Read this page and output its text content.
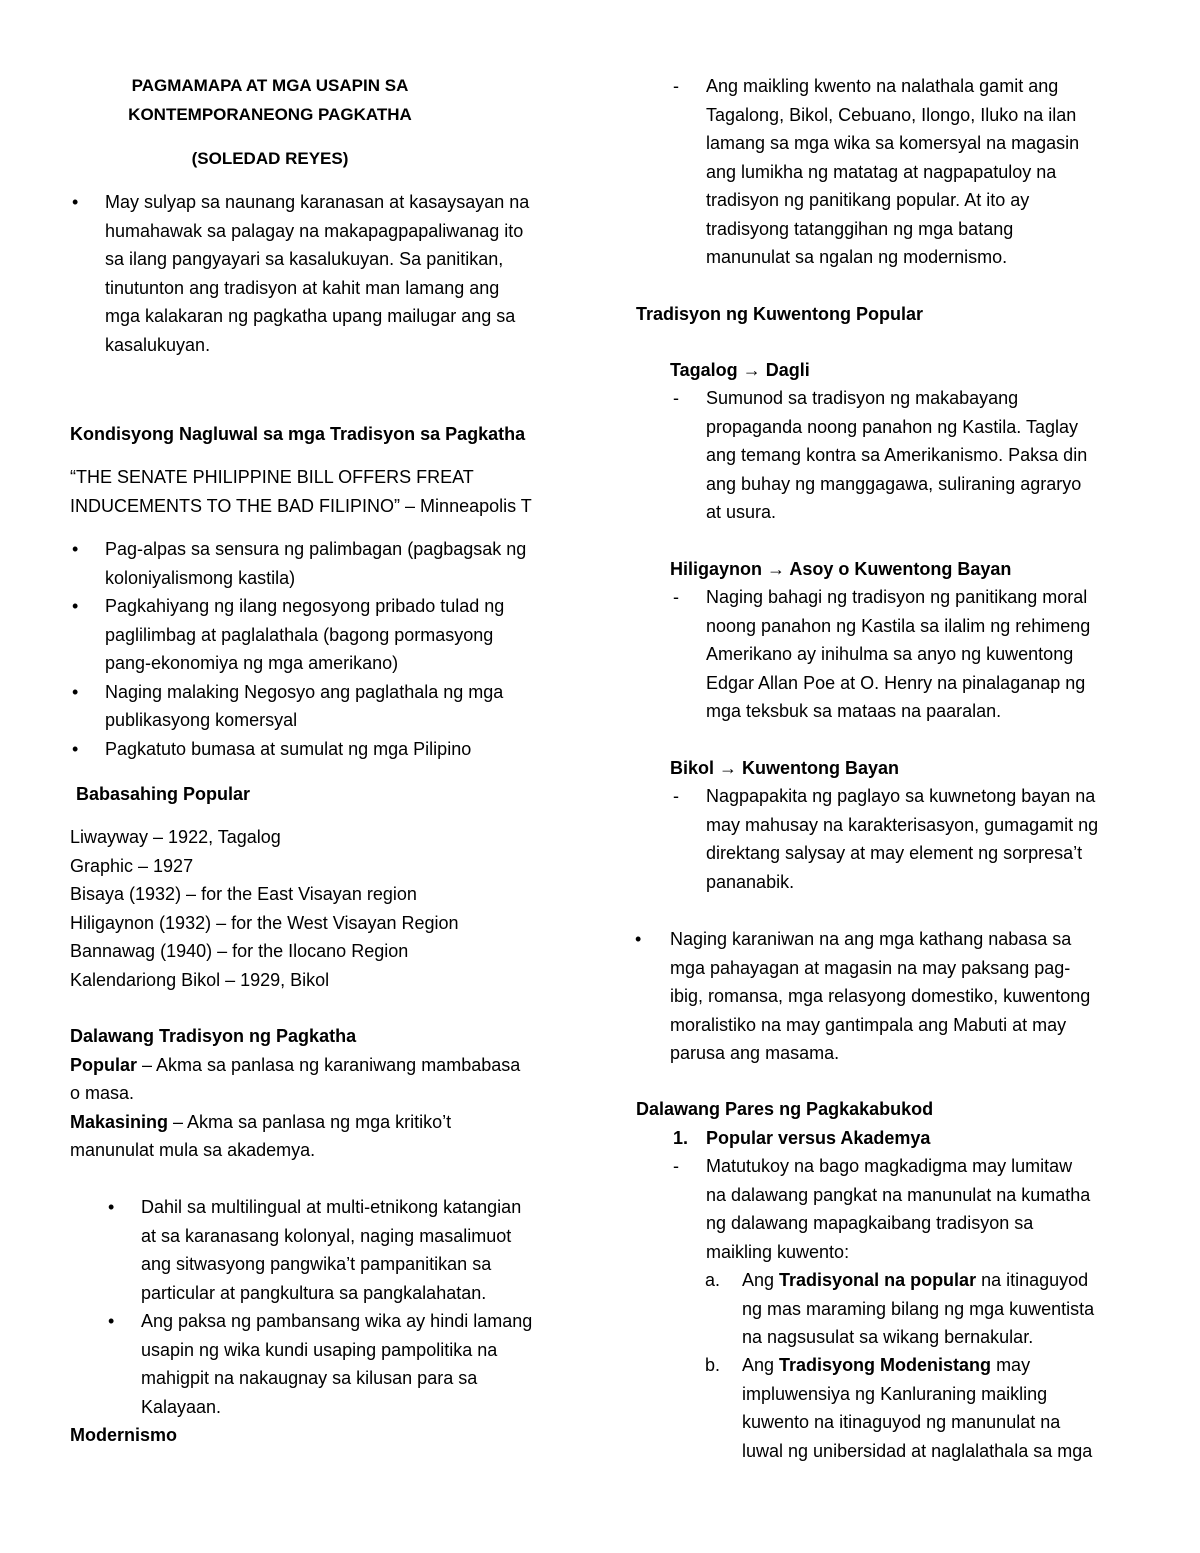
PAGMAMAPA AT MGA USAPIN SA
KONTEMPORANEONG PAGKATHA
(SOLEDAD REYES)
• May sulyap sa naunang karanasan at kasaysayan na
humahawak sa palagay na makapagpapaliwanag ito
sa ilang pangyayari sa kasalukuyan. Sa panitikan,
tinutunton ang tradisyon at kahit man lamang ang
mga kalakaran ng pagkatha upang mailugar ang sa
kasalukuyan.
Kondisyong Nagluwal sa mga Tradisyon sa Pagkatha
“THE SENATE PHILIPPINE BILL OFFERS FREAT
INDUCEMENTS TO THE BAD FILIPINO” – Minneapolis T
• Pag-alpas sa sensura ng palimbagan (pagbagsak ng
koloniyalismong kastila)
• Pagkahiyang ng ilang negosyong pribado tulad ng
paglilimbag at paglalathala (bagong pormasyong
pang-ekonomiya ng mga amerikano)
• Naging malaking Negosyo ang paglathala ng mga
publikasyong komersyal
• Pagkatuto bumasa at sumulat ng mga Pilipino
Babasahing Popular
Liwayway – 1922, Tagalog
Graphic – 1927
Bisaya (1932) – for the East Visayan region
Hiligaynon (1932) – for the West Visayan Region
Bannawag (1940) – for the Ilocano Region
Kalendariong Bikol – 1929, Bikol
Dalawang Tradisyon ng Pagkatha
Popular – Akma sa panlasa ng karaniwang mambabasa
o masa.
Makasining – Akma sa panlasa ng mga kritiko’t
manunulat mula sa akademya.
• Dahil sa multilingual at multi-etnikong katangian
at sa karanasang kolonyal, naging masalimuot
ang sitwasyong pangwika’t pampanitikan sa
particular at pangkultura sa pangkalahatan.
• Ang paksa ng pambansang wika ay hindi lamang
usapin ng wika kundi usaping pampolitika na
mahigpit na nakaugnay sa kilusan para sa
Kalayaan.
Modernismo
- Ang maikling kwento na nalathala gamit ang
Tagalong, Bikol, Cebuano, Ilongo, Iluko na ilan
lamang sa mga wika sa komersyal na magasin
ang lumikha ng matatag at nagpapatuloy na
tradisyon ng panitikang popular. At ito ay
tradisyong tatanggihan ng mga batang
manunulat sa ngalan ng modernismo.
Tradisyon ng Kuwentong Popular
Tagalog → Dagli
- Sumunod sa tradisyon ng makabayang
propaganda noong panahon ng Kastila. Taglay
ang temang kontra sa Amerikanismo. Paksa din
ang buhay ng manggagawa, suliraning agraryo
at usura.
Hiligaynon → Asoy o Kuwentong Bayan
- Naging bahagi ng tradisyon ng panitikang moral
noong panahon ng Kastila sa ilalim ng rehimeng
Amerikano ay inihulma sa anyo ng kuwentong
Edgar Allan Poe at O. Henry na pinalaganap ng
mga teksbuk sa mataas na paaralan.
Bikol → Kuwentong Bayan
- Nagpapakita ng paglayo sa kuwnetong bayan na
may mahusay na karakterisasyon, gumagamit ng
direktang salysay at may element ng sorpresa’t
pananabik.
• Naging karaniwan na ang mga kathang nabasa sa
mga pahayagan at magasin na may paksang pag-
ibig, romansa, mga relasyong domestiko, kuwentong
moralistiko na may gantimpala ang Mabuti at may
parusa ang masama.
Dalawang Pares ng Pagkakabukod
1. Popular versus Akademya
- Matutukoy na bago magkadigma may lumitaw
na dalawang pangkat na manunulat na kumatha
ng dalawang mapagkaibang tradisyon sa
maikling kuwento:
a. Ang Tradisyonal na popular na itinaguyod
ng mas maraming bilang ng mga kuwentista
na nagsusulat sa wikang bernakular.
b. Ang Tradisyong Modenistang may
impluwensiya ng Kanluraning maikling
kuwento na itinaguyod ng manunulat na
luwal ng unibersidad at naglalathala sa mga
